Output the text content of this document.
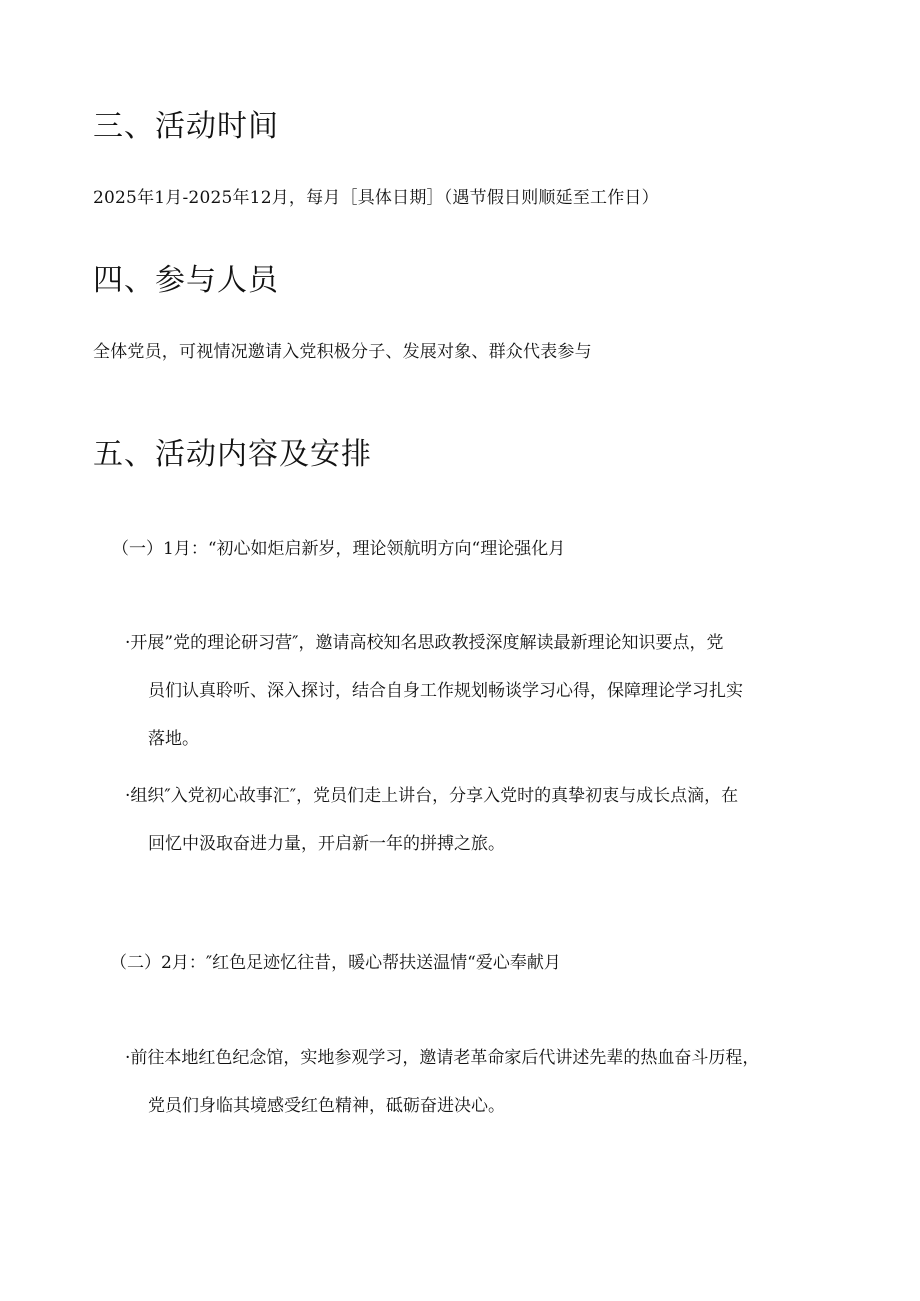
三、活动时间

2025年1月-2025年12月，每月［具体日期］（遇节假日则顺延至工作日）

四、参与人员

全体党员，可视情况邀请入党积极分子、发展对象、群众代表参与

五、活动内容及安排

（一）1月：“初心如炬启新岁，理论领航明方向“理论强化月

·开展”党的理论研习营″，邀请高校知名思政教授深度解读最新理论知识要点，党

员们认真聆听、深入探讨，结合自身工作规划畅谈学习心得，保障理论学习扎实

落地。

·组织″入党初心故事汇″，党员们走上讲台，分享入党时的真挚初衷与成长点滴，在

回忆中汲取奋进力量，开启新一年的拼搏之旅。

（二）2月：″红色足迹忆往昔，暖心帮扶送温情“爱心奉献月

·前往本地红色纪念馆，实地参观学习，邀请老革命家后代讲述先辈的热血奋斗历程，

党员们身临其境感受红色精神，砥砺奋进决心。
